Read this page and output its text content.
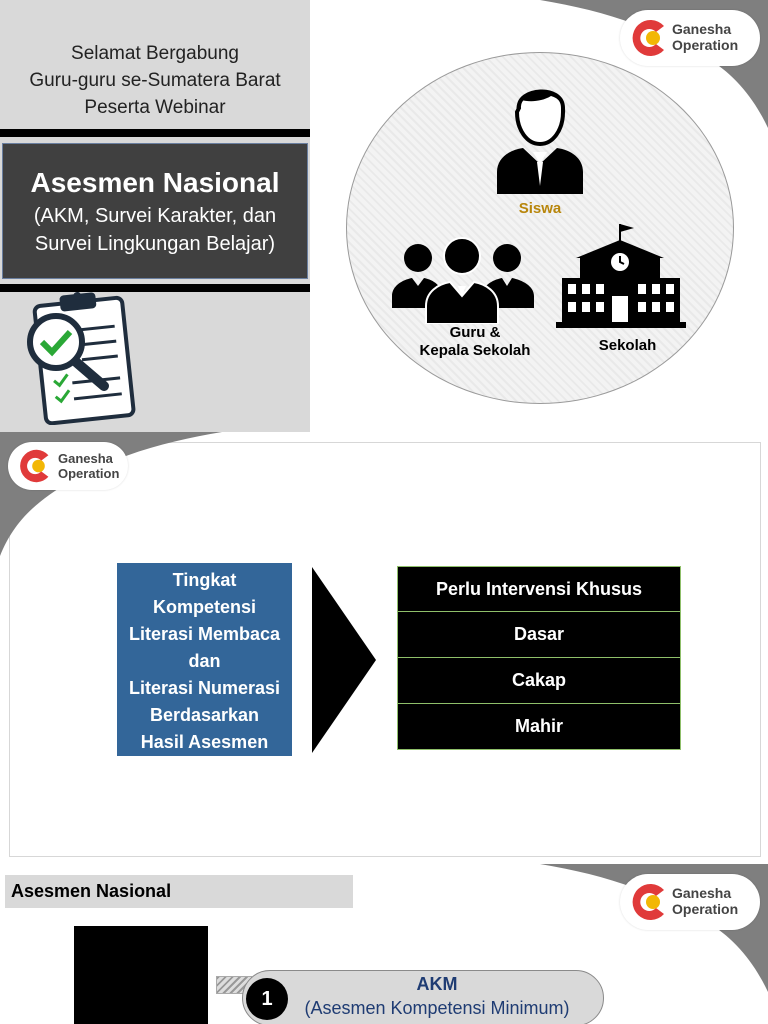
Selamat Bergabung
Guru-guru se-Sumatera Barat
Peserta Webinar
Asesmen Nasional
(AKM, Survei Karakter, dan
Survei Lingkungan Belajar)
Siswa
Guru &
Kepala Sekolah	Sekolah
Ganesha
Operation
Ganesha
Operation
Tingkat
Kompetensi
Literasi Membaca
dan
Literasi Numerasi
Berdasarkan
Hasil Asesmen
Perlu Intervensi Khusus
Dasar
Cakap
Mahir
Asesmen Nasional	Ganesha
Operation
1
AKM
(Asesmen Kompetensi Minimum)
